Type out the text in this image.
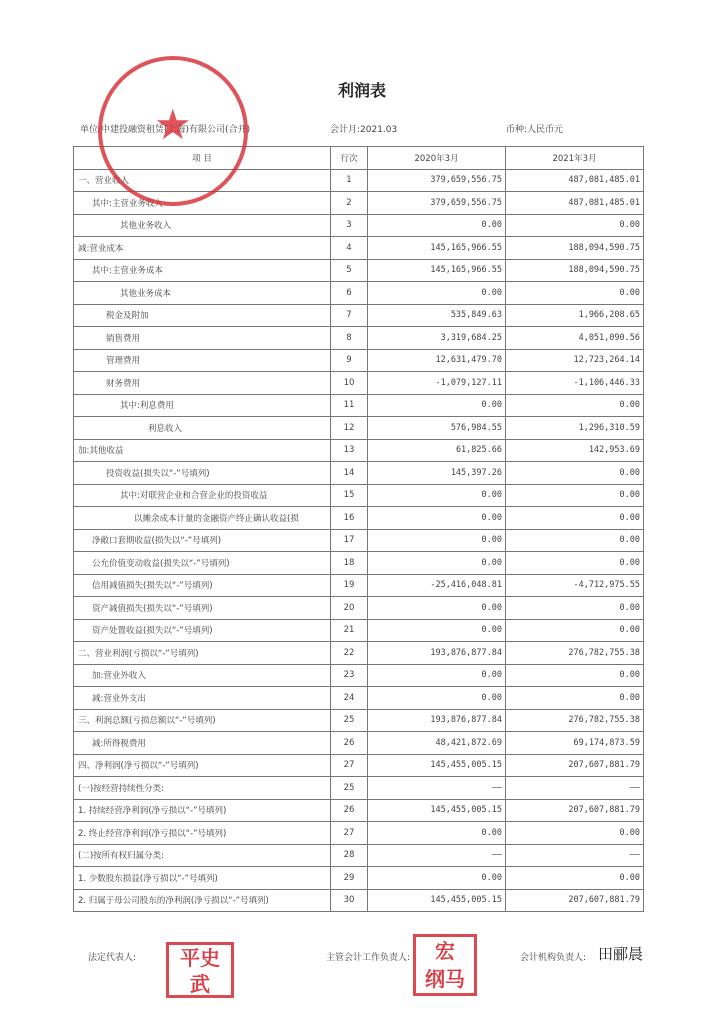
利润表
单位:中建投融资租赁(上海)有限公司(合并)	会计月:2021.03	币种:人民币元
项 目	行次	2020年3月	2021年3月
一、营业收入	1	379,659,556.75	487,081,485.01
其中:主营业务收入	2	379,659,556.75	487,081,485.01
其他业务收入	3	0.00	0.00
减:营业成本	4	145,165,966.55	188,094,590.75
其中:主营业务成本	5	145,165,966.55	188,094,590.75
其他业务成本	6	0.00	0.00
税金及附加	7	535,849.63	1,966,208.65
销售费用	8	3,319,684.25	4,051,090.56
管理费用	9	12,631,479.70	12,723,264.14
财务费用	10	-1,079,127.11	-1,106,446.33
其中:利息费用	11	0.00	0.00
利息收入	12	576,984.55	1,296,310.59
加:其他收益	13	61,825.66	142,953.69
投资收益(损失以“-”号填列)	14	145,397.26	0.00
其中:对联营企业和合营企业的投资收益	15	0.00	0.00
以摊余成本计量的金融资产终止确认收益(损	16	0.00	0.00
净敞口套期收益(损失以“-”号填列)	17	0.00	0.00
公允价值变动收益(损失以“-”号填列)	18	0.00	0.00
信用减值损失(损失以“-”号填列)	19	-25,416,048.81	-4,712,975.55
资产减值损失(损失以“-”号填列)	20	0.00	0.00
资产处置收益(损失以“-”号填列)	21	0.00	0.00
二、营业利润(亏损以“-”号填列)	22	193,876,877.84	276,782,755.38
加:营业外收入	23	0.00	0.00
减:营业外支出	24	0.00	0.00
三、利润总额(亏损总额以“-”号填列)	25	193,876,877.84	276,782,755.38
减:所得税费用	26	48,421,872.69	69,174,873.59
四、净利润(净亏损以“-”号填列)	27	145,455,005.15	207,607,881.79
(一)按经营持续性分类:	25	——	——
1. 持续经营净利润(净亏损以“-”号填列)	26	145,455,005.15	207,607,881.79
2. 终止经营净利润(净亏损以“-”号填列)	27	0.00	0.00
(二)按所有权归属分类:	28	——	——
1. 少数股东损益(净亏损以“-”号填列)	29	0.00	0.00
2. 归属于母公司股东的净利润(净亏损以“-”号填列)	30	145,455,005.15	207,607,881.79
★
法定代表人:	主管会计工作负责人:	会计机构负责人:
平史
武
宏
纲马
田郦晨
